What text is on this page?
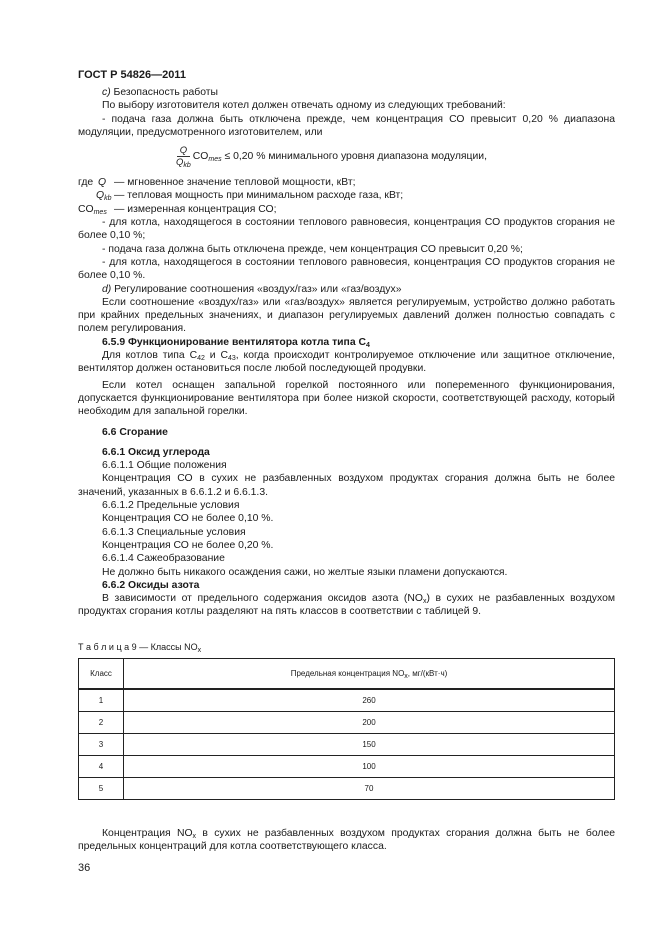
ГОСТ Р 54826—2011

c) Безопасность работы

По выбору изготовителя котел должен отвечать одному из следующих требований:

- подача газа должна быть отключена прежде, чем концентрация СО превысит 0,20 % диапазона модуляции, предусмотренного изготовителем, или

$\frac{Q}{Q_{kb}} CO_{mes} \le 0,20$ % минимального уровня диапазона модуляции,
где Q — мгновенное значение тепловой мощности, кВт;
$Q_{kb}$ — тепловая мощность при минимальном расходе газа, кВт;
$CO_{mes}$ — измеренная концентрация СО;

- для котла, находящегося в состоянии теплового равновесия, концентрация СО продуктов сгорания не более 0,10 %;

- подача газа должна быть отключена прежде, чем концентрация СО превысит 0,20 %;

- для котла, находящегося в состоянии теплового равновесия, концентрация СО продуктов сгорания не более 0,10 %.

d) Регулирование соотношения «воздух/газ» или «газ/воздух»

Если соотношение «воздух/газ» или «газ/воздух» является регулируемым, устройство должно работать при крайних предельных значениях, и диапазон регулируемых давлений должен полностью совпадать с полем регулирования.

6.5.9 Функционирование вентилятора котла типа $С_4$

Для котлов типа $С_{42}$ и $С_{43}$, когда происходит контролируемое отключение или защитное отключение, вентилятор должен остановиться после любой последующей продувки.

Если котел оснащен запальной горелкой постоянного или попеременного функционирования, допускается функционирование вентилятора при более низкой скорости, соответствующей расходу, который необходим для запальной горелки.

6.6 Сгорание

6.6.1 Оксид углерода

6.6.1.1 Общие положения

Концентрация СО в сухих не разбавленных воздухом продуктах сгорания должна быть не более значений, указанных в 6.6.1.2 и 6.6.1.3.

6.6.1.2 Предельные условия

Концентрация СО не более 0,10 %.

6.6.1.3 Специальные условия

Концентрация СО не более 0,20 %.

6.6.1.4 Сажеобразование

Не должно быть никакого осаждения сажи, но желтые языки пламени допускаются.

6.6.2 Оксиды азота

В зависимости от предельного содержания оксидов азота $(NO_x)$ в сухих не разбавленных воздухом продуктах сгорания котлы разделяют на пять классов в соответствии с таблицей 9.

Т а б л и ц а 9 — Классы $NO_x$
Класс	Предельная концентрация $NO_x$, мг/(кВт·ч)
1	260
2	200
3	150
4	100
5	70

Концентрация $NO_x$ в сухих не разбавленных воздухом продуктах сгорания должна быть не более предельных концентраций для котла соответствующего класса.

36
